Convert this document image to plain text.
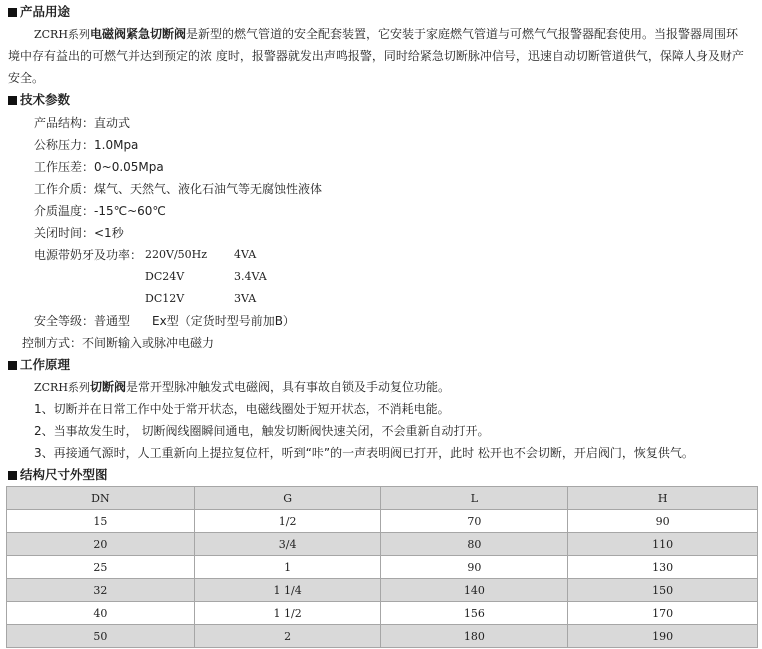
产品用途
ZCRH系列电磁阀紧急切断阀是新型的燃气管道的安全配套装置，它安装于家庭燃气管道与可燃气气报警器配套使用。当报警器周围环
境中存有益出的可燃气并达到预定的浓 度时，报警器就发出声鸣报警，同时给紧急切断脉冲信号，迅速自动切断管道供气，保障人身及财产
安全。
技术参数
产品结构：直动式
公称压力：1.0Mpa
工作压差：0~0.05Mpa
工作介质：煤气、天然气、液化石油气等无腐蚀性液体
介质温度：-15℃~60℃
关闭时间：<1秒
电源带奶牙及功率： 220V/50Hz 4VA
DC24V	3.4VA
DC12V	3VA
安全等级：普通型 Ex型（定货时型号前加B）
控制方式：不间断输入或脉冲电磁力
工作原理
ZCRH系列切断阀是常开型脉冲触发式电磁阀，具有事故自锁及手动复位功能。
1、切断并在日常工作中处于常开状态，电磁线圈处于短开状态，不消耗电能。
2、当事故发生时， 切断阀线圈瞬间通电，触发切断阀快速关闭，不会重新自动打开。
3、再接通气源时，人工重新向上提拉复位杆，听到“咔”的一声表明阀已打开，此时 松开也不会切断，开启阀门，恢复供气。
结构尺寸外型图
DN	G	L	H
15	1/2	70	90
20	3/4	80	110
25	1	90	130
32	1 1/4	140	150
40	1 1/2	156	170
50	2	180	190
